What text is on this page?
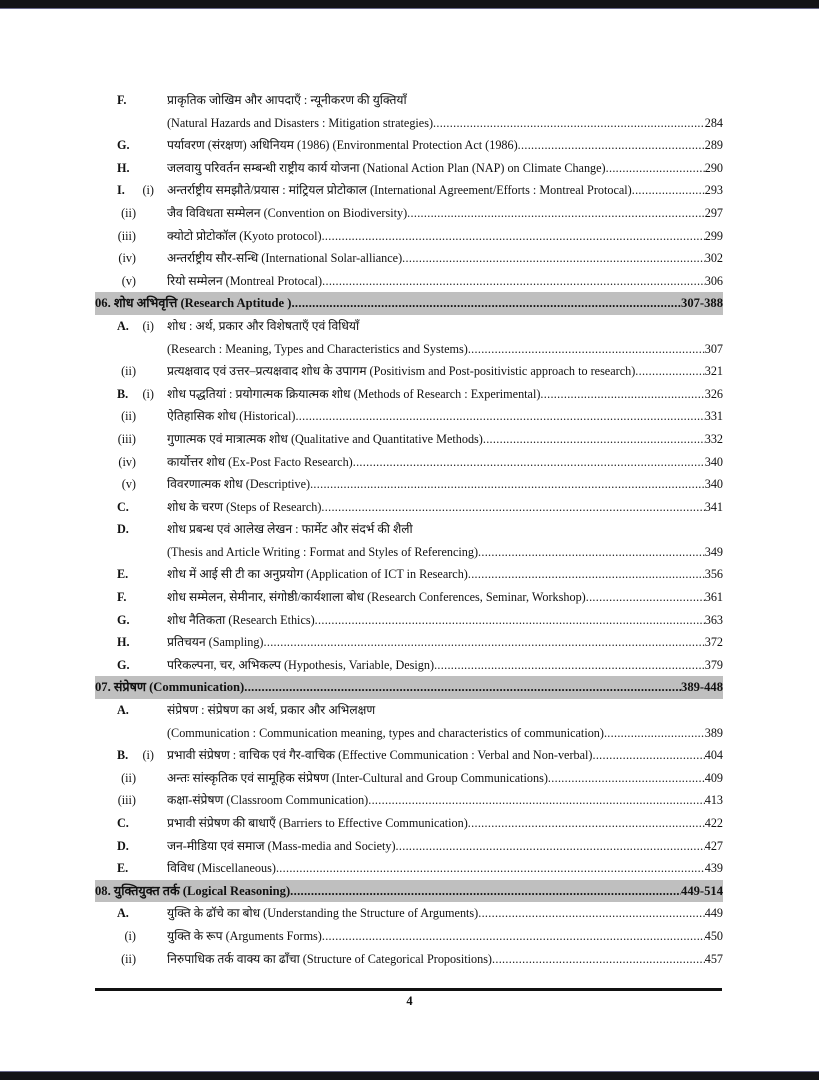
F.	प्राकृतिक जोखिम और आपदाएँ : न्यूनीकरण की युक्तियाँ
(Natural Hazards and Disasters : Mitigation strategies) .....	284
G.	पर्यावरण (संरक्षण) अधिनियम (1986) (Environmental Protection Act (1986) .....	289
H.	जलवायु परिवर्तन सम्बन्धी राष्ट्रीय कार्य योजना (National Action Plan (NAP) on Climate Change) .....	290
I. (i) अन्तर्राष्ट्रीय समझौते/प्रयास : मांट्रियल प्रोटोकाल (International Agreement/Efforts : Montreal Protocal) .....	293
(ii)	जैव विविधता सम्मेलन (Convention on Biodiversity) .....	297
(iii)	क्योटो प्रोटोकॉल (Kyoto protocol) .....	299
(iv)	अन्तर्राष्ट्रीय सौर-सन्धि (International Solar-alliance) .....	302
(v)	रियो सम्मेलन (Montreal Protocal) .....	306
06. शोध अभिवृत्ति (Research Aptitude ) .....	307-388
A. (i) शोध : अर्थ, प्रकार और विशेषताएँ एवं विधियाँ
(Research : Meaning, Types and Characteristics and Systems) .....	307
(ii)	प्रत्यक्षवाद एवं उत्तर–प्रत्यक्षवाद शोध के उपागम (Positivism and Post-positivistic approach to research) .....	321
B. (i) शोध पद्धतियां : प्रयोगात्मक क्रियात्मक शोध (Methods of Research : Experimental) .....	326
(ii)	ऐतिहासिक शोध (Historical) .....	331
(iii)	गुणात्मक एवं मात्रात्मक शोध (Qualitative and Quantitative Methods) .....	332
(iv)	कार्योत्तर शोध (Ex-Post Facto Research) .....	340
(v)	विवरणात्मक शोध (Descriptive) .....	340
C.	शोध के चरण (Steps of Research) .....	341
D.	शोध प्रबन्ध एवं आलेख लेखन : फार्मेट और संदर्भ की शैली
(Thesis and Article Writing : Format and Styles of Referencing) .....	349
E.	शोध में आई सी टी का अनुप्रयोग (Application of ICT in Research) .....	356
F.	शोध सम्मेलन, सेमीनार, संगोष्ठी/कार्यशाला बोध (Research Conferences, Seminar, Workshop) .....	361
G.	शोध नैतिकता (Research Ethics) .....	363
H.	प्रतिचयन (Sampling) .....	372
G.	परिकल्पना, चर, अभिकल्प (Hypothesis, Variable, Design) .....	379
07. संप्रेषण (Communication) .....	389-448
A.	संप्रेषण : संप्रेषण का अर्थ, प्रकार और अभिलक्षण
(Communication : Communication meaning, types and characteristics of communication) .....	389
B. (i) प्रभावी संप्रेषण : वाचिक एवं गैर-वाचिक (Effective Communication : Verbal and Non-verbal) .....	404
(ii)	अन्तः सांस्कृतिक एवं सामूहिक संप्रेषण (Inter-Cultural and Group Communications) .....	409
(iii)	कक्षा-संप्रेषण (Classroom Communication) .....	413
C.	प्रभावी संप्रेषण की बाधाएँ (Barriers to Effective Communication) .....	422
D.	जन-मीडिया एवं समाज (Mass-media and Society) .....	427
E.	विविध (Miscellaneous) .....	439
08. युक्तियुक्त तर्क (Logical Reasoning) .....	449-514
A.	युक्ति के ढॉचे का बोध (Understanding the Structure of Arguments) .....	449
(i)	युक्ति के रूप (Arguments Forms) .....	450
(ii)	निरुपाधिक तर्क वाक्य का ढॉंचा (Structure of Categorical Propositions) .....	457
4
